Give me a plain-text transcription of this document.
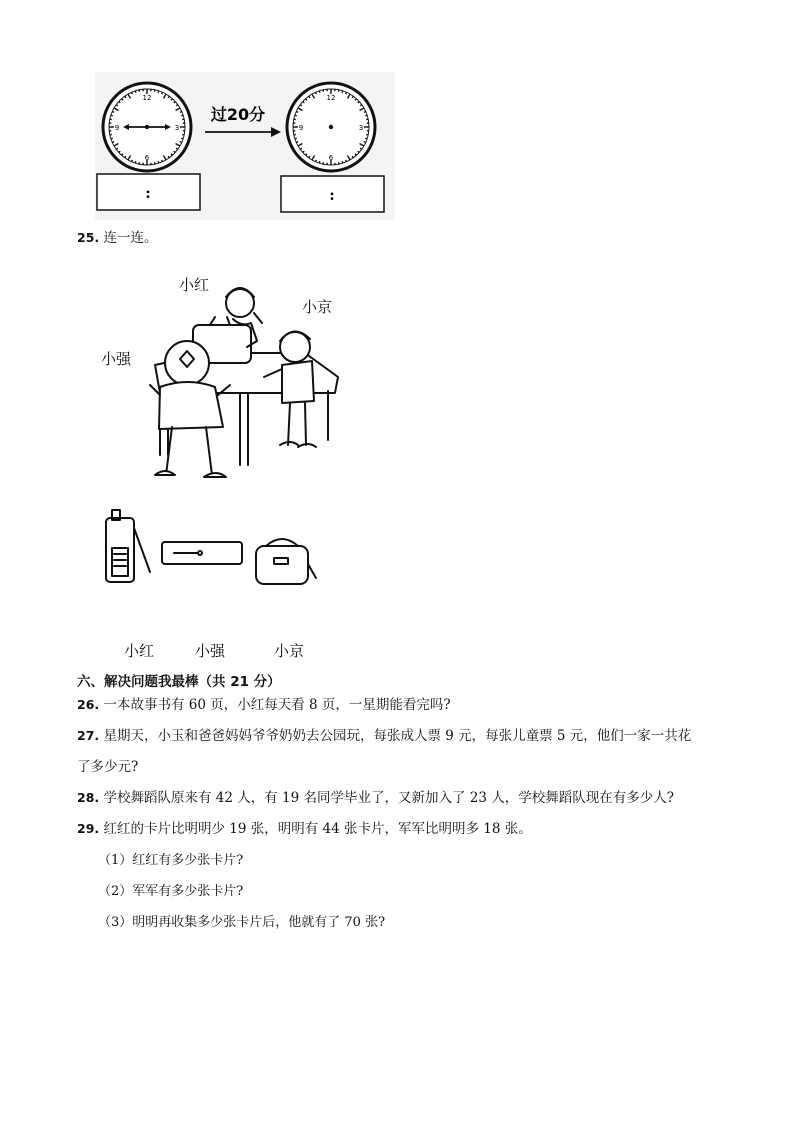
12
3
6
9
过20分
12
3
6
9
:	:
25. 连一连。
小红
小京
小强
小红	小强	小京
六、解决问题我最棒（共 21 分）
26. 一本故事书有 60 页，小红每天看 8 页，一星期能看完吗?
27. 星期天，小玉和爸爸妈妈爷爷奶奶去公园玩，每张成人票 9 元，每张儿童票 5 元，他们一家一共花
了多少元?
28. 学校舞蹈队原来有 42 人，有 19 名同学毕业了，又新加入了 23 人，学校舞蹈队现在有多少人?
29. 红红的卡片比明明少 19 张，明明有 44 张卡片，军军比明明多 18 张。
（1）红红有多少张卡片?
（2）军军有多少张卡片?
（3）明明再收集多少张卡片后，他就有了 70 张?
